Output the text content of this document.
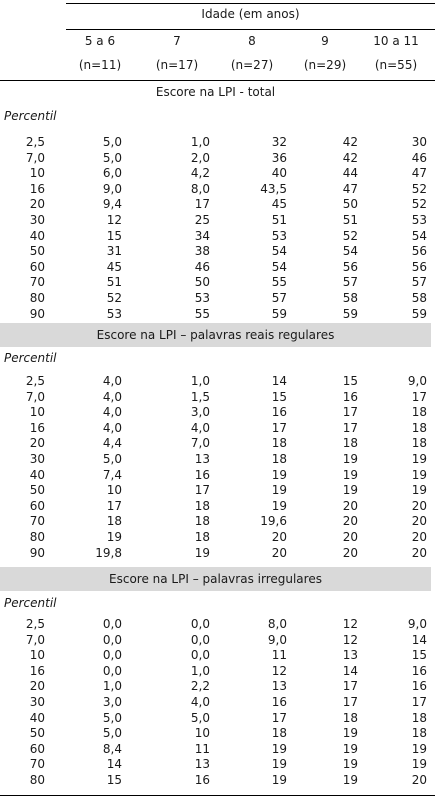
Idade (em anos)
5 a 6	7	8	9	10 a 11
(n=11)	(n=17)	(n=27)	(n=29)	(n=55)
Escore na LPI - total
Percentil
Escore na LPI – palavras reais regulares
Percentil
Escore na LPI – palavras irregulares
Percentil
2,5	5,0	1,0	32	42	30
7,0	5,0	2,0	36	42	46
10	6,0	4,2	40	44	47
16	9,0	8,0	43,5	47	52
20	9,4	17	45	50	52
30	12	25	51	51	53
40	15	34	53	52	54
50	31	38	54	54	56
60	45	46	54	56	56
70	51	50	55	57	57
80	52	53	57	58	58
90	53	55	59	59	59
2,5	4,0	1,0	14	15	9,0
7,0	4,0	1,5	15	16	17
10	4,0	3,0	16	17	18
16	4,0	4,0	17	17	18
20	4,4	7,0	18	18	18
30	5,0	13	18	19	19
40	7,4	16	19	19	19
50	10	17	19	19	19
60	17	18	19	20	20
70	18	18	19,6	20	20
80	19	18	20	20	20
90	19,8	19	20	20	20
2,5	0,0	0,0	8,0	12	9,0
7,0	0,0	0,0	9,0	12	14
10	0,0	0,0	11	13	15
16	0,0	1,0	12	14	16
20	1,0	2,2	13	17	16
30	3,0	4,0	16	17	17
40	5,0	5,0	17	18	18
50	5,0	10	18	19	18
60	8,4	11	19	19	19
70	14	13	19	19	19
80	15	16	19	19	20
